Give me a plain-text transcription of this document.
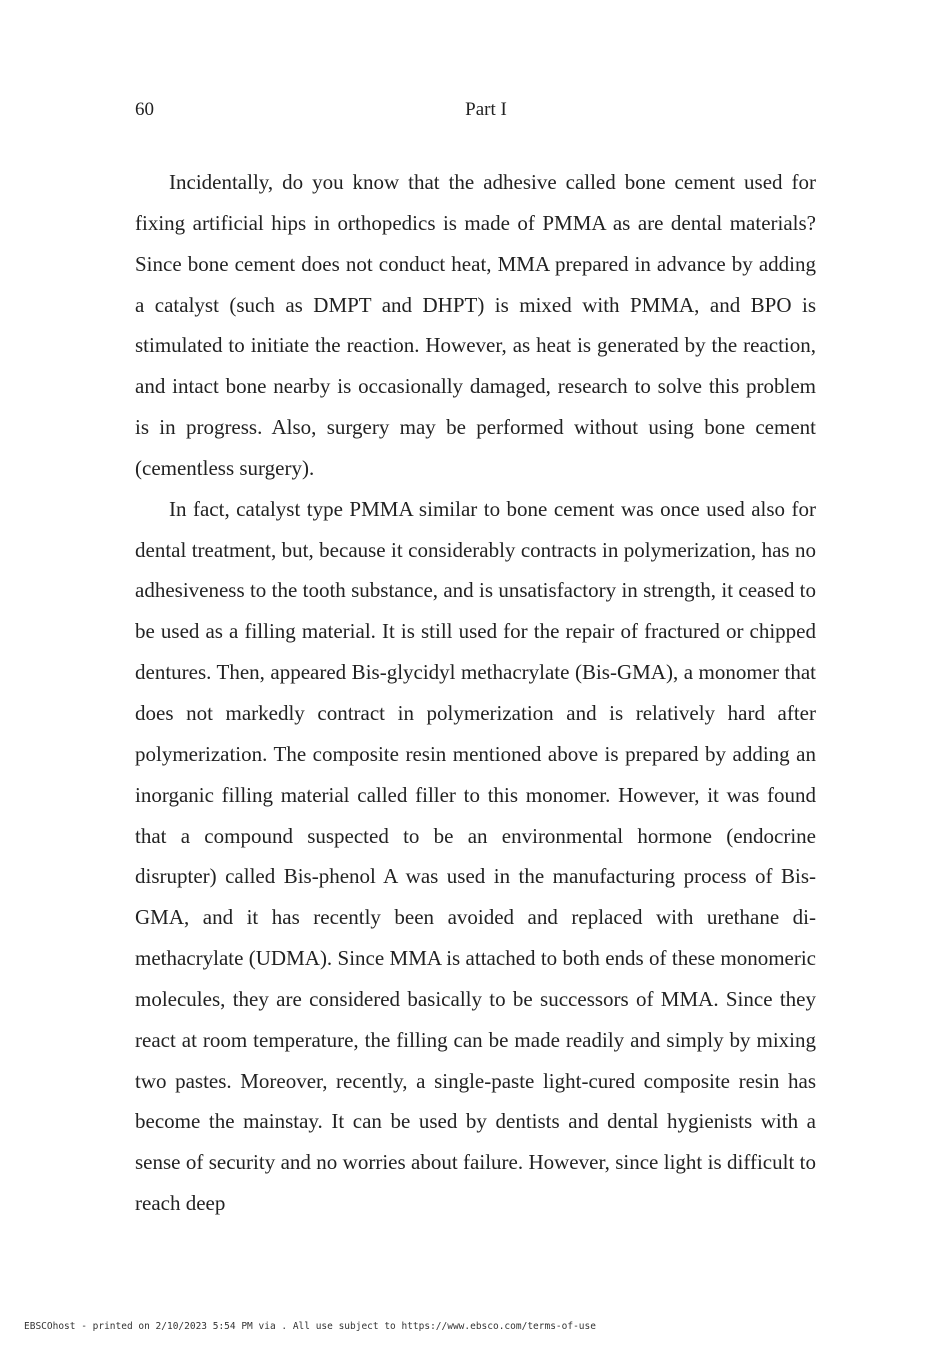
60	Part I

Incidentally, do you know that the adhesive called bone cement used for fixing artificial hips in orthopedics is made of PMMA as are dental materials? Since bone cement does not conduct heat, MMA prepared in advance by adding a catalyst (such as DMPT and DHPT) is mixed with PMMA, and BPO is stimulated to initiate the reaction. However, as heat is generated by the reaction, and intact bone nearby is occasionally damaged, research to solve this problem is in progress. Also, surgery may be performed without using bone cement (cementless surgery).

In fact, catalyst type PMMA similar to bone cement was once used also for dental treatment, but, because it considerably contracts in polymerization, has no adhesiveness to the tooth substance, and is unsatisfactory in strength, it ceased to be used as a filling material. It is still used for the repair of fractured or chipped dentures. Then, appeared Bis-glycidyl methacrylate (Bis-GMA), a monomer that does not markedly contract in polymerization and is relatively hard after polymerization. The composite resin mentioned above is prepared by adding an inorganic filling material called filler to this monomer. However, it was found that a compound suspected to be an environmental hormone (endocrine disrupter) called Bis-phenol A was used in the manufacturing process of Bis-GMA, and it has recently been avoided and replaced with urethane di-methacrylate (UDMA). Since MMA is attached to both ends of these monomeric molecules, they are considered basically to be successors of MMA. Since they react at room temperature, the filling can be made readily and simply by mixing two pastes. Moreover, recently, a single-paste light-cured composite resin has become the mainstay. It can be used by dentists and dental hygienists with a sense of security and no worries about failure. However, since light is difficult to reach deep

EBSCOhost - printed on 2/10/2023 5:54 PM via . All use subject to https://www.ebsco.com/terms-of-use
